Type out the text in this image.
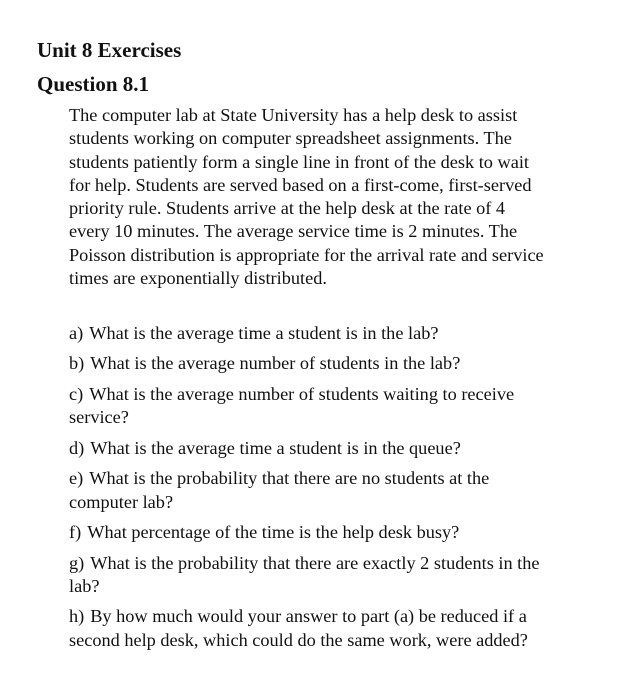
Unit 8 Exercises
Question 8.1

The computer lab at State University has a help desk to assist students working on computer spreadsheet assignments. The students patiently form a single line in front of the desk to wait for help. Students are served based on a first-come, first-served priority rule. Students arrive at the help desk at the rate of 4 every 10 minutes. The average service time is 2 minutes. The Poisson distribution is appropriate for the arrival rate and service times are exponentially distributed.

a) What is the average time a student is in the lab?
b) What is the average number of students in the lab?
c) What is the average number of students waiting to receive service?
d) What is the average time a student is in the queue?
e) What is the probability that there are no students at the computer lab?
f) What percentage of the time is the help desk busy?
g) What is the probability that there are exactly 2 students in the lab?
h) By how much would your answer to part (a) be reduced if a second help desk, which could do the same work, were added?
